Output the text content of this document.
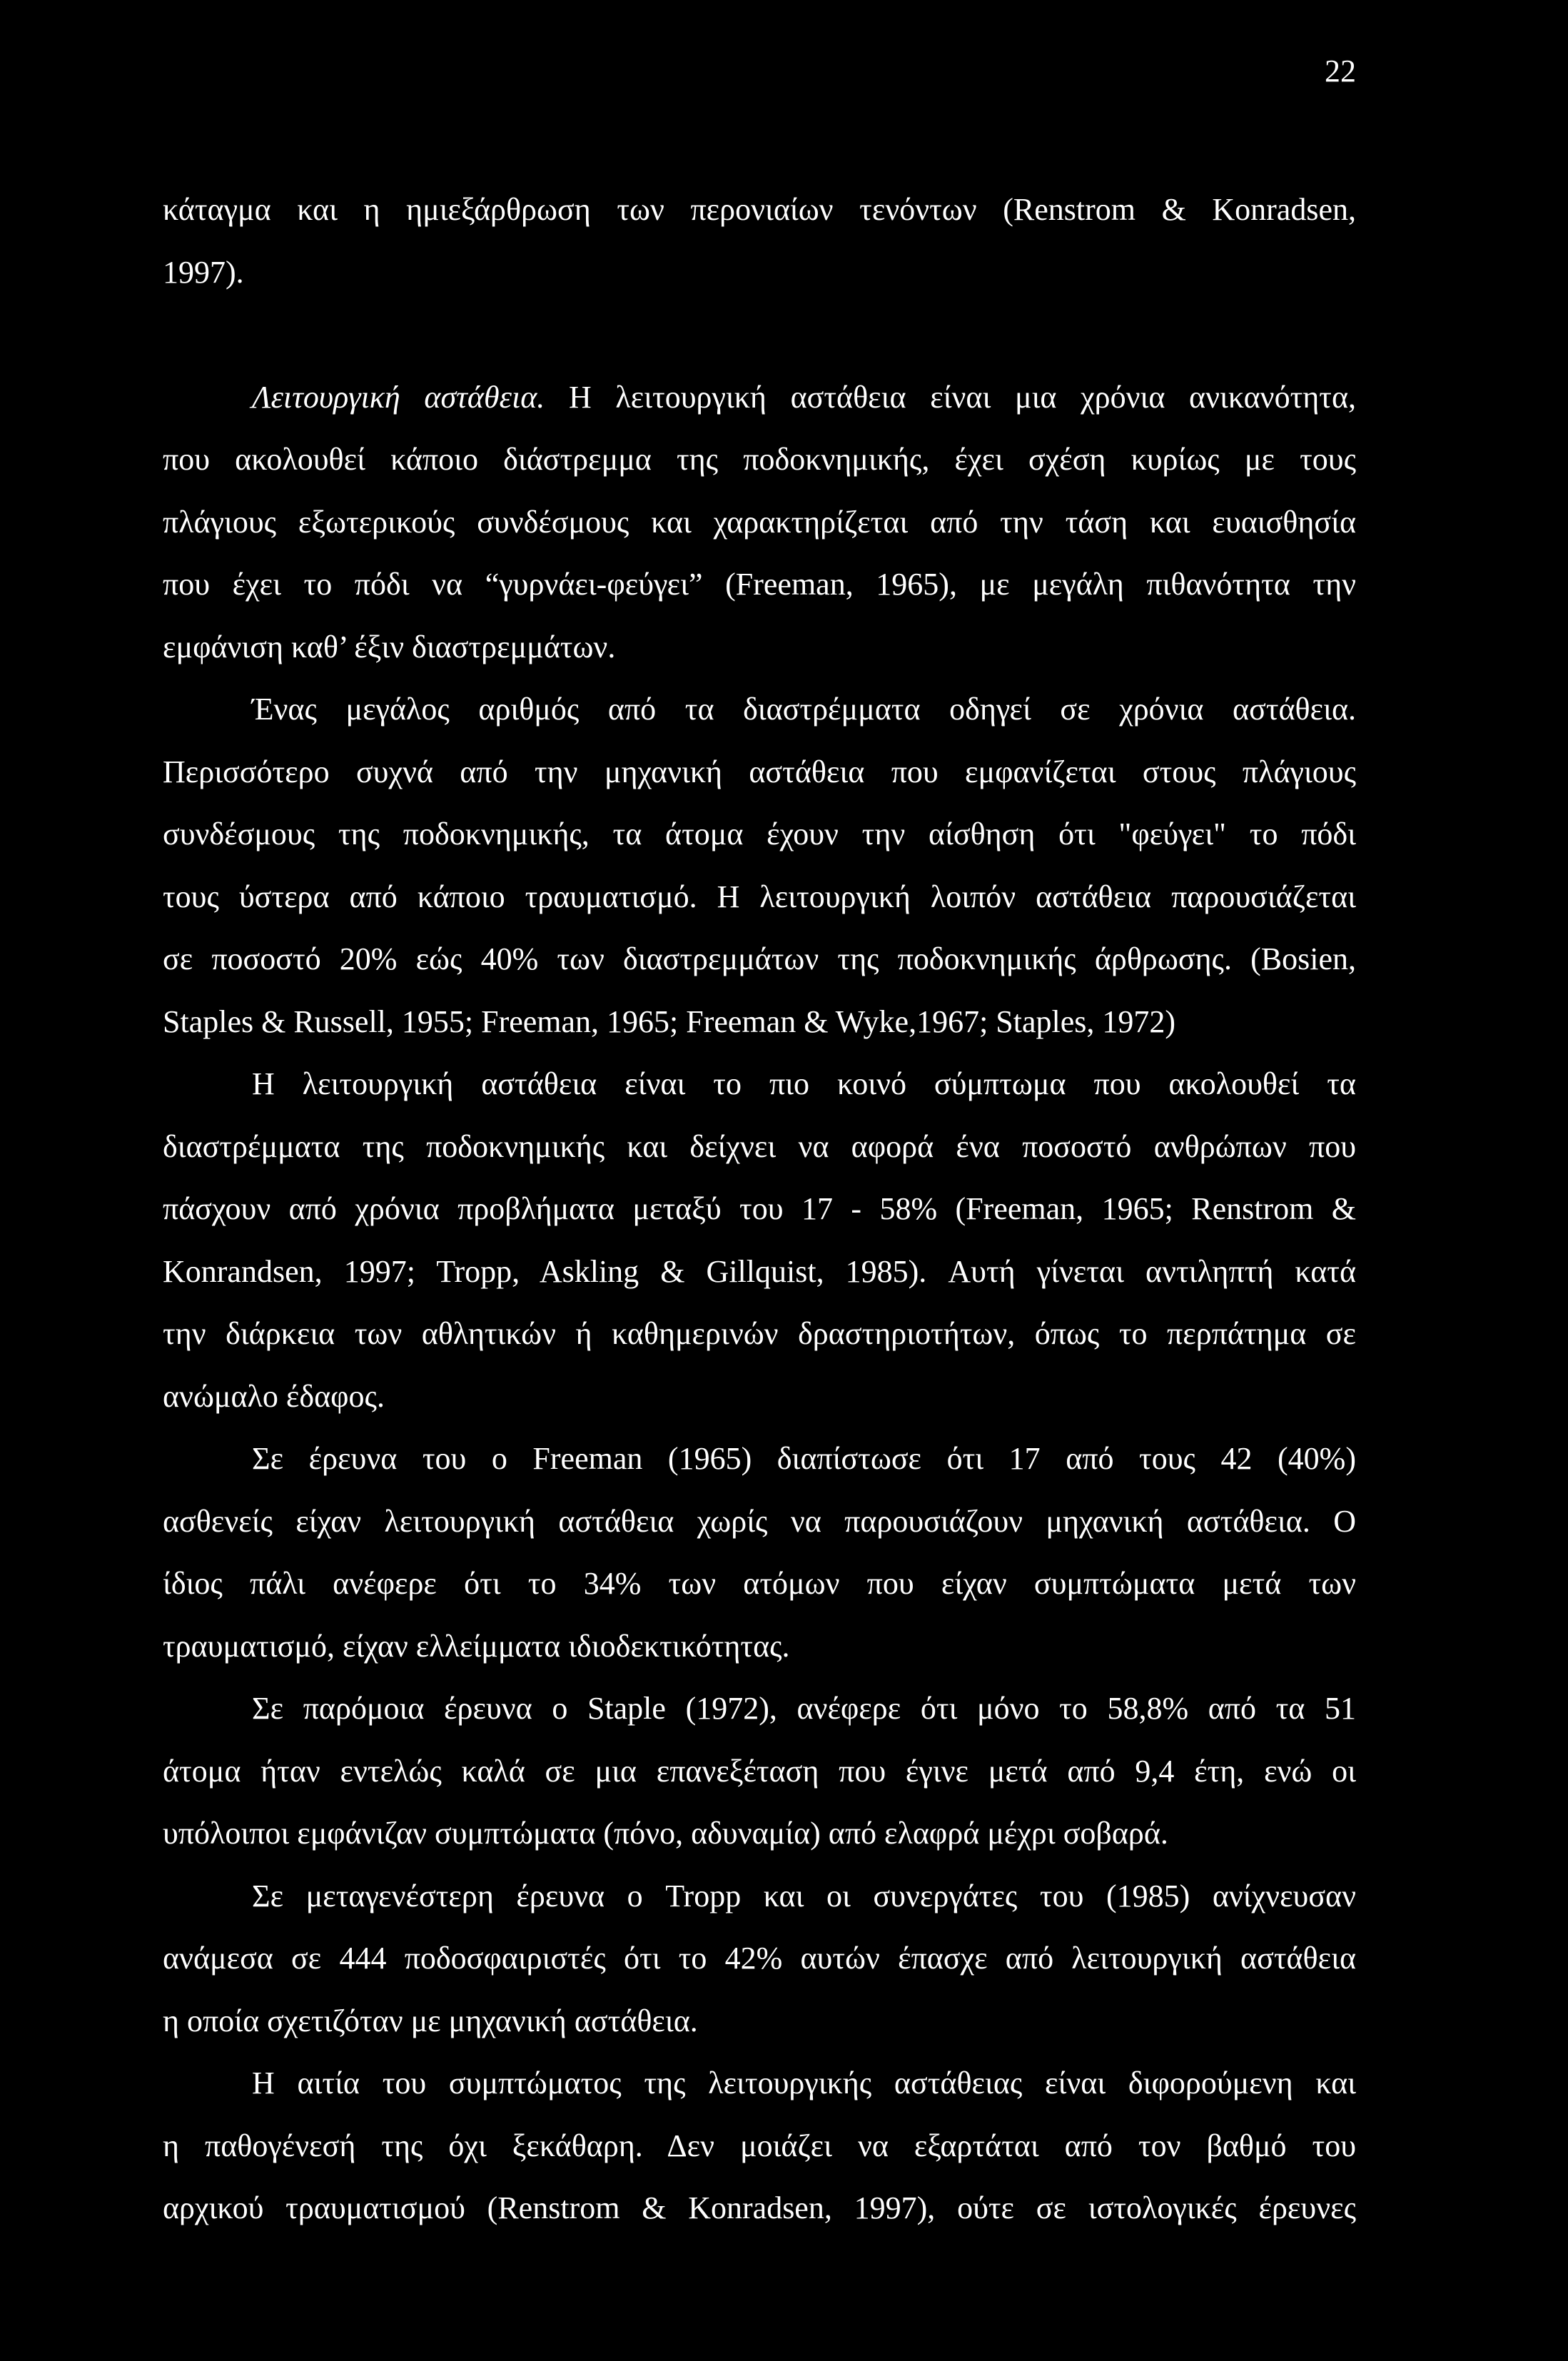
22
κάταγμα και η ημιεξάρθρωση των περονιαίων τενόντων (Renstrom & Konradsen,
1997).
Λειτουργική αστάθεια. Η λειτουργική αστάθεια είναι μια χρόνια ανικανότητα,
που ακολουθεί κάποιο διάστρεμμα της ποδοκνημικής, έχει σχέση κυρίως με τους
πλάγιους εξωτερικούς συνδέσμους και χαρακτηρίζεται από την τάση και ευαισθησία
που έχει το πόδι να “γυρνάει-φεύγει” (Freeman, 1965), με μεγάλη πιθανότητα την
εμφάνιση καθ’ έξιν διαστρεμμάτων.
Ένας μεγάλος αριθμός από τα διαστρέμματα οδηγεί σε χρόνια αστάθεια.
Περισσότερο συχνά από την μηχανική αστάθεια που εμφανίζεται στους πλάγιους
συνδέσμους της ποδοκνημικής, τα άτομα έχουν την αίσθηση ότι "φεύγει" το πόδι
τους ύστερα από κάποιο τραυματισμό. Η λειτουργική λοιπόν αστάθεια παρουσιάζεται
σε ποσοστό 20% εώς 40% των διαστρεμμάτων της ποδοκνημικής άρθρωσης. (Bosien,
Staples & Russell, 1955; Freeman, 1965; Freeman & Wyke,1967; Staples, 1972)
Η λειτουργική αστάθεια είναι το πιο κοινό σύμπτωμα που ακολουθεί τα
διαστρέμματα της ποδοκνημικής και δείχνει να αφορά ένα ποσοστό ανθρώπων που
πάσχουν από χρόνια προβλήματα μεταξύ του 17 - 58% (Freeman, 1965; Renstrom &
Konrandsen, 1997; Tropp, Askling & Gillquist, 1985). Αυτή γίνεται αντιληπτή κατά
την διάρκεια των αθλητικών ή καθημερινών δραστηριοτήτων, όπως το περπάτημα σε
ανώμαλο έδαφος.
Σε έρευνα του ο Freeman (1965) διαπίστωσε ότι 17 από τους 42 (40%)
ασθενείς είχαν λειτουργική αστάθεια χωρίς να παρουσιάζουν μηχανική αστάθεια. Ο
ίδιος πάλι ανέφερε ότι το 34% των ατόμων που είχαν συμπτώματα μετά των
τραυματισμό, είχαν ελλείμματα ιδιοδεκτικότητας.
Σε παρόμοια έρευνα ο Staple (1972), ανέφερε ότι μόνο το 58,8% από τα 51
άτομα ήταν εντελώς καλά σε μια επανεξέταση που έγινε μετά από 9,4 έτη, ενώ οι
υπόλοιποι εμφάνιζαν συμπτώματα (πόνο, αδυναμία) από ελαφρά μέχρι σοβαρά.
Σε μεταγενέστερη έρευνα ο Tropp και οι συνεργάτες του (1985) ανίχνευσαν
ανάμεσα σε 444 ποδοσφαιριστές ότι το 42% αυτών έπασχε από λειτουργική αστάθεια
η οποία σχετιζόταν με μηχανική αστάθεια.
Η αιτία του συμπτώματος της λειτουργικής αστάθειας είναι διφορούμενη και
η παθογένεσή της όχι ξεκάθαρη. Δεν μοιάζει να εξαρτάται από τον βαθμό του
αρχικού τραυματισμού (Renstrom & Konradsen, 1997), ούτε σε ιστολογικές έρευνες
